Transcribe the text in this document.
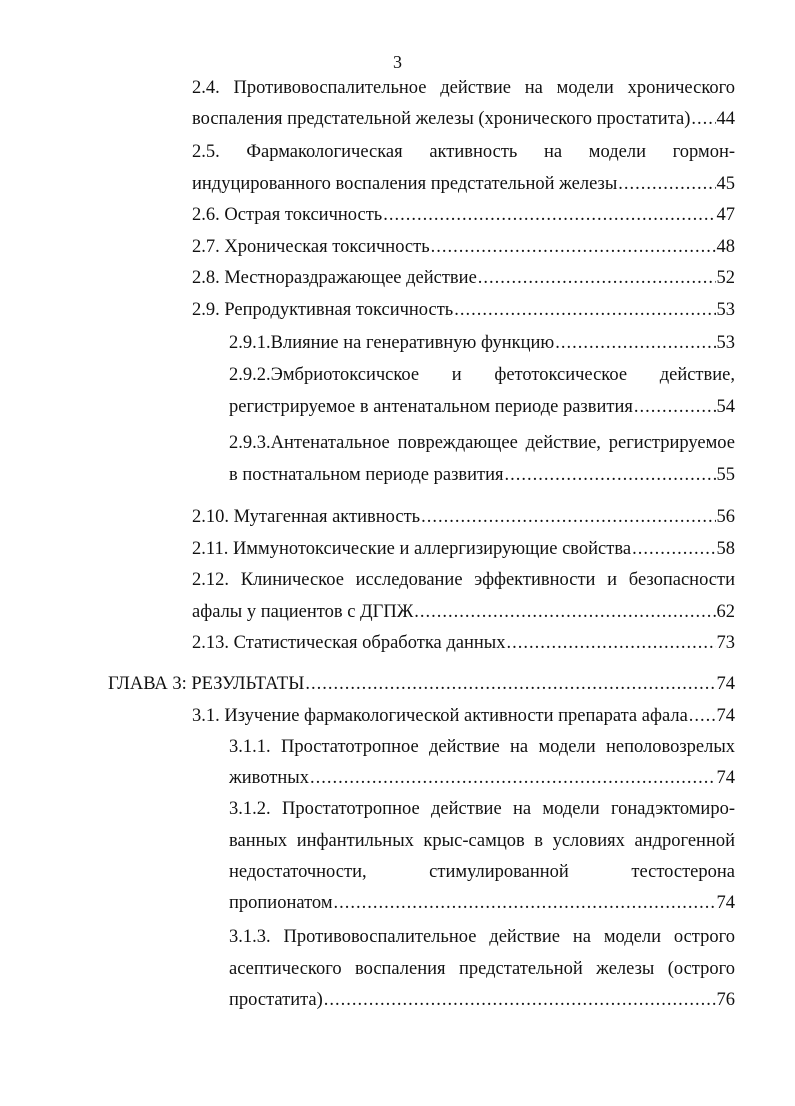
3
2.4. Противовоспалительное действие на модели хронического
воспаления предстательной железы (хронического простатита) ..... 44
2.5. Фармакологическая активность на модели гормон-
индуцированного воспаления предстательной железы .....	45
2.6. Острая токсичность .....	47
2.7. Хроническая токсичность .....	48
2.8. Местнораздражающее действие .....	52
2.9. Репродуктивная токсичность .....	53
2.9.1.Влияние на генеративную функцию .....	53
2.9.2.Эмбриотоксичское и фетотоксическое действие,
регистрируемое в антенатальном периоде развития .....	54
2.9.3.Антенатальное повреждающее действие, регистрируемое
в постнатальном периоде развития .....	55
2.10. Мутагенная активность .....	56
2.11. Иммунотоксические и аллергизирующие свойства .....	58
2.12. Клиническое исследование эффективности и безопасности
афалы у пациентов с ДГПЖ .....	62
2.13. Статистическая обработка данных .....	73
ГЛАВА 3: РЕЗУЛЬТАТЫ .....	74
3.1. Изучение фармакологической активности препарата афала ..... 74
3.1.1. Простатотропное действие на модели неполовозрелых
животных .....	74
3.1.2. Простатотропное действие на модели гонадэктомиро-
ванных инфантильных крыс-самцов в условиях андрогенной
недостаточности, стимулированной тестостерона
пропионатом .....	74
3.1.3. Противовоспалительное действие на модели острого
асептического воспаления предстательной железы (острого
простатита) .....	76
